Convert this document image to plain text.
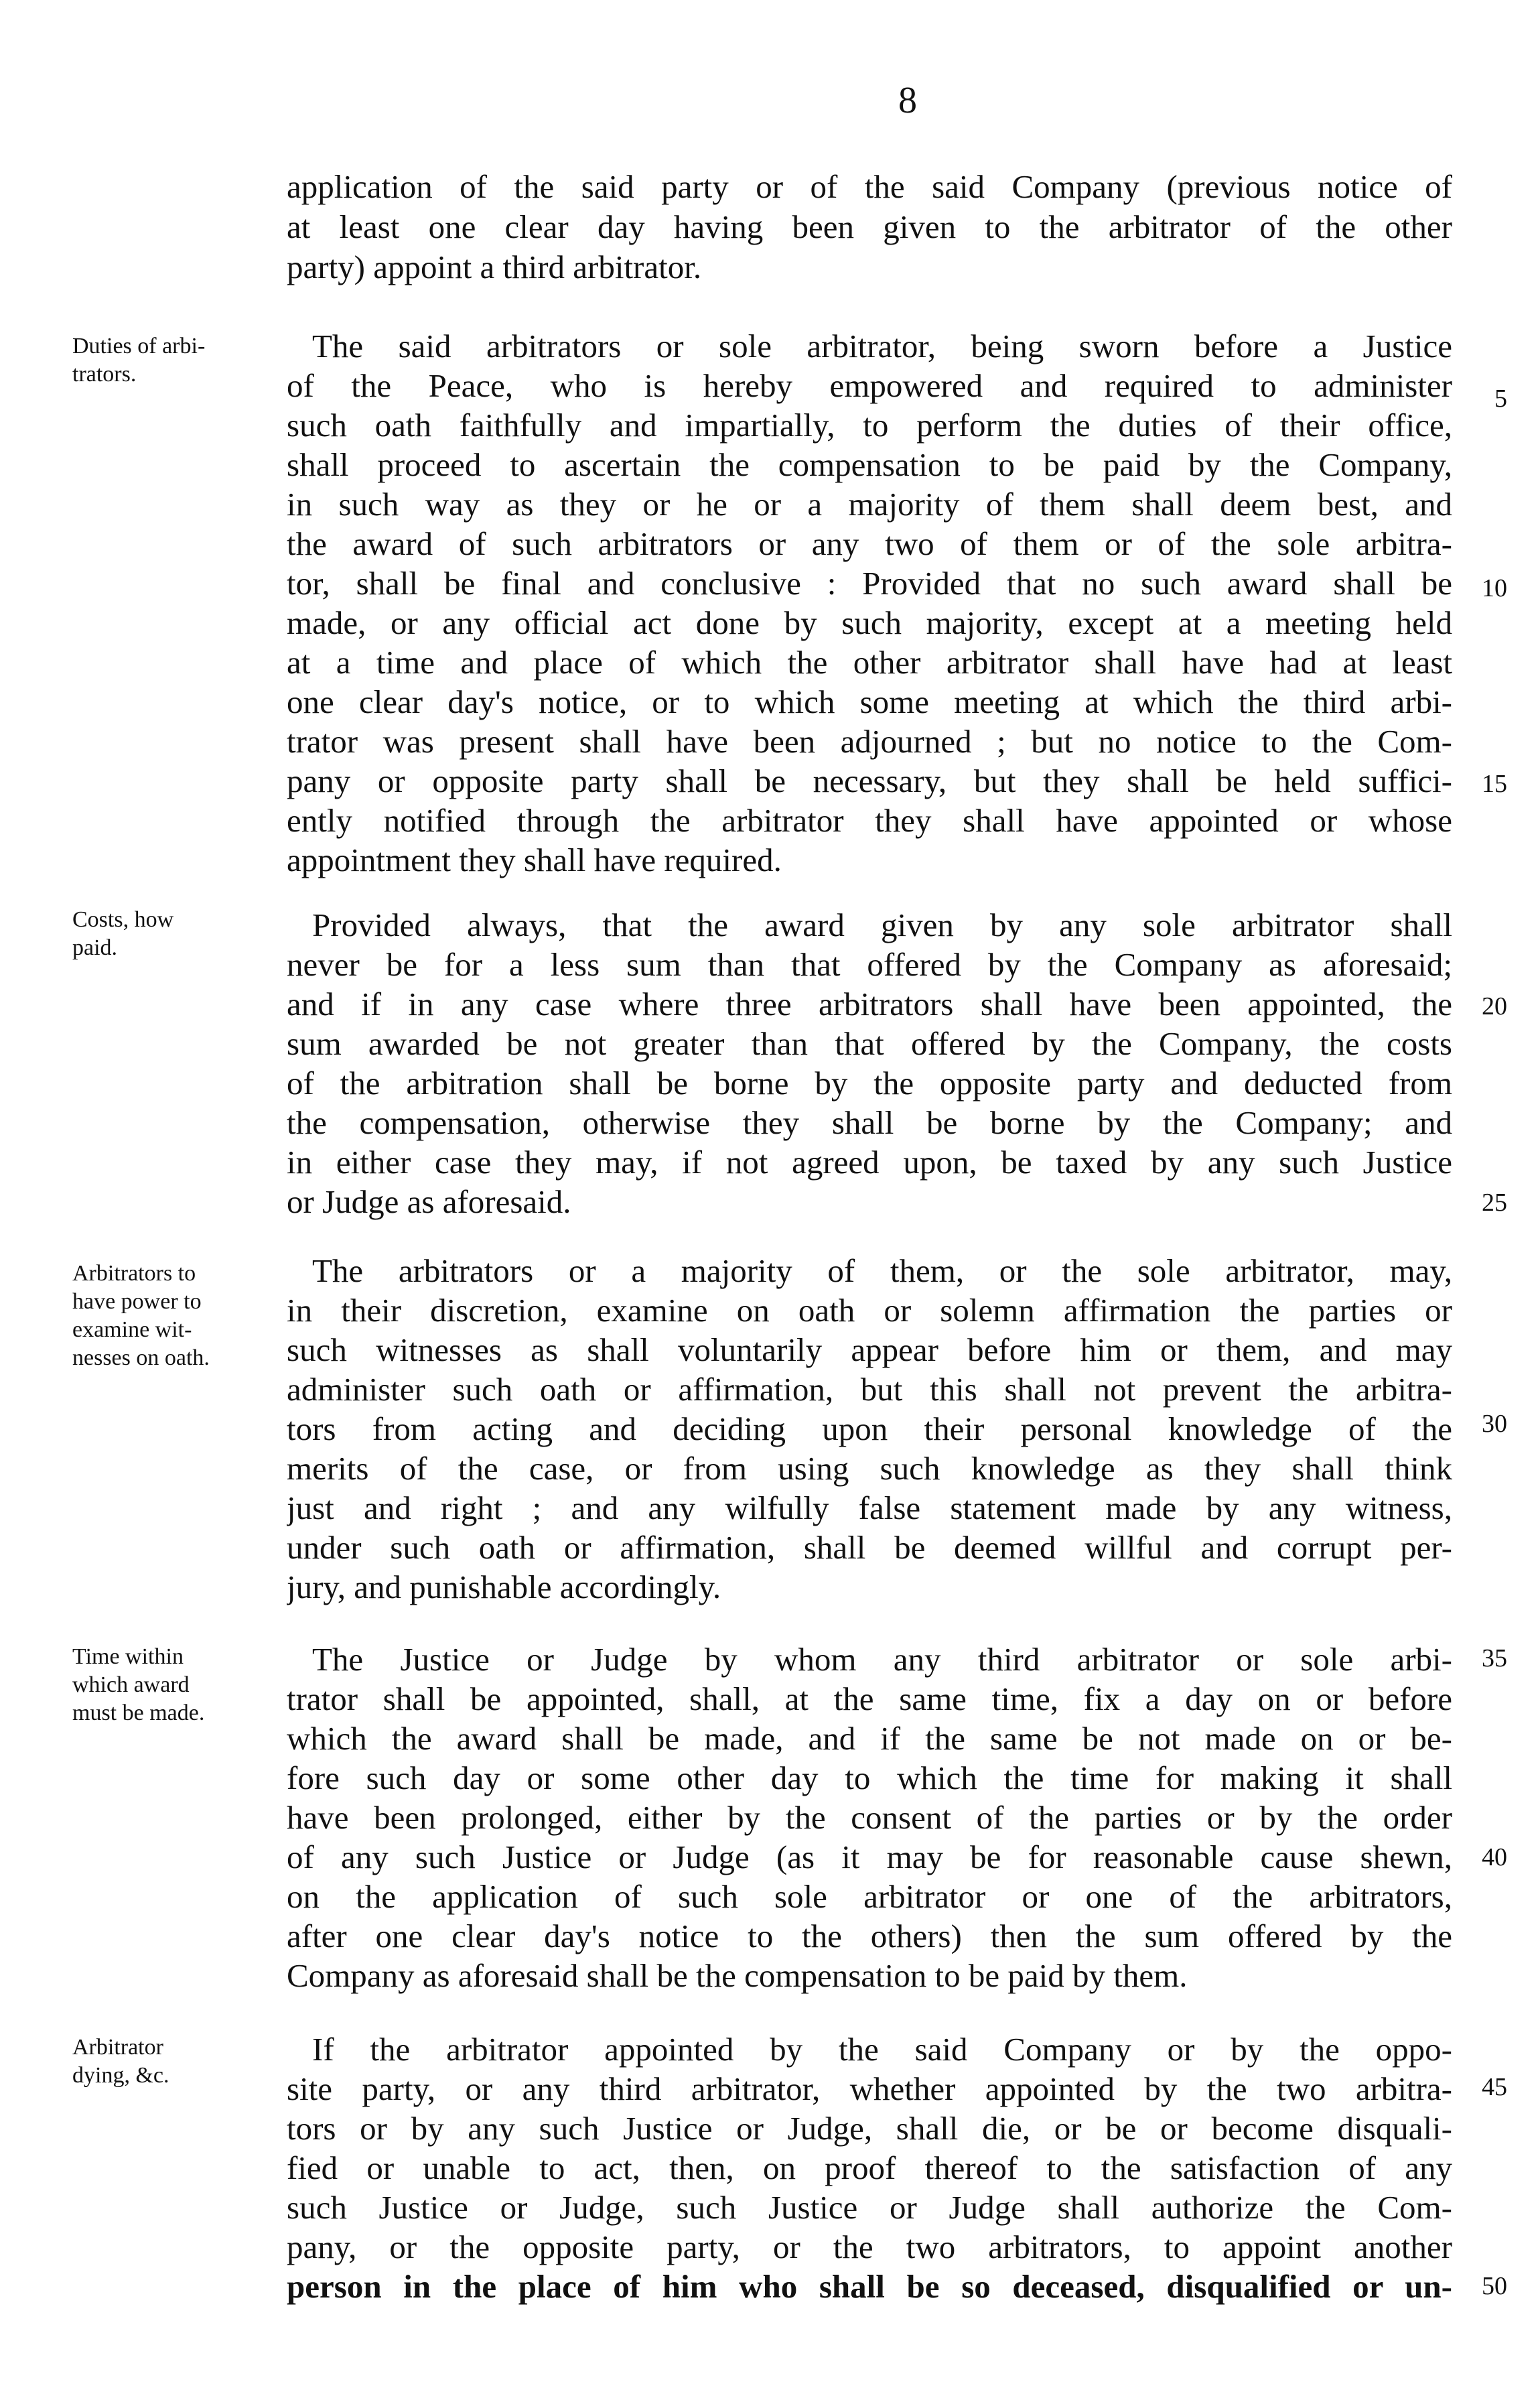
8
application of the said party or of the said Company (previous notice of
at least one clear day having been given to the arbitrator of the other
party) appoint a third arbitrator.
Duties of arbi-
trators.
The said arbitrators or sole arbitrator, being sworn before a Justice
of the Peace, who is hereby empowered and required to administer
such oath faithfully and impartially, to perform the duties of their office,
shall proceed to ascertain the compensation to be paid by the Company,
in such way as they or he or a majority of them shall deem best, and
the award of such arbitrators or any two of them or of the sole arbitra-
tor, shall be final and conclusive : Provided that no such award shall be
made, or any official act done by such majority, except at a meeting held
at a time and place of which the other arbitrator shall have had at least
one clear day's notice, or to which some meeting at which the third arbi-
trator was present shall have been adjourned ; but no notice to the Com-
pany or opposite party shall be necessary, but they shall be held suffici-
ently notified through the arbitrator they shall have appointed or whose
appointment they shall have required.
Costs, how
paid.
Provided always, that the award given by any sole arbitrator shall
never be for a less sum than that offered by the Company as aforesaid;
and if in any case where three arbitrators shall have been appointed, the
sum awarded be not greater than that offered by the Company, the costs
of the arbitration shall be borne by the opposite party and deducted from
the compensation, otherwise they shall be borne by the Company; and
in either case they may, if not agreed upon, be taxed by any such Justice
or Judge as aforesaid.
Arbitrators to
have power to
examine wit-
nesses on oath.
The arbitrators or a majority of them, or the sole arbitrator, may,
in their discretion, examine on oath or solemn affirmation the parties or
such witnesses as shall voluntarily appear before him or them, and may
administer such oath or affirmation, but this shall not prevent the arbitra-
tors from acting and deciding upon their personal knowledge of the
merits of the case, or from using such knowledge as they shall think
just and right ; and any wilfully false statement made by any witness,
under such oath or affirmation, shall be deemed willful and corrupt per-
jury, and punishable accordingly.
Time within
which award
must be made.
The Justice or Judge by whom any third arbitrator or sole arbi-
trator shall be appointed, shall, at the same time, fix a day on or before
which the award shall be made, and if the same be not made on or be-
fore such day or some other day to which the time for making it shall
have been prolonged, either by the consent of the parties or by the order
of any such Justice or Judge (as it may be for reasonable cause shewn,
on the application of such sole arbitrator or one of the arbitrators,
after one clear day's notice to the others) then the sum offered by the
Company as aforesaid shall be the compensation to be paid by them.
Arbitrator
dying, &c.
If the arbitrator appointed by the said Company or by the oppo-
site party, or any third arbitrator, whether appointed by the two arbitra-
tors or by any such Justice or Judge, shall die, or be or become disquali-
fied or unable to act, then, on proof thereof to the satisfaction of any
such Justice or Judge, such Justice or Judge shall authorize the Com-
pany, or the opposite party, or the two arbitrators, to appoint another
person in the place of him who shall be so deceased, disqualified or un-
5
10
15
20
25
30
35
40
45
50
